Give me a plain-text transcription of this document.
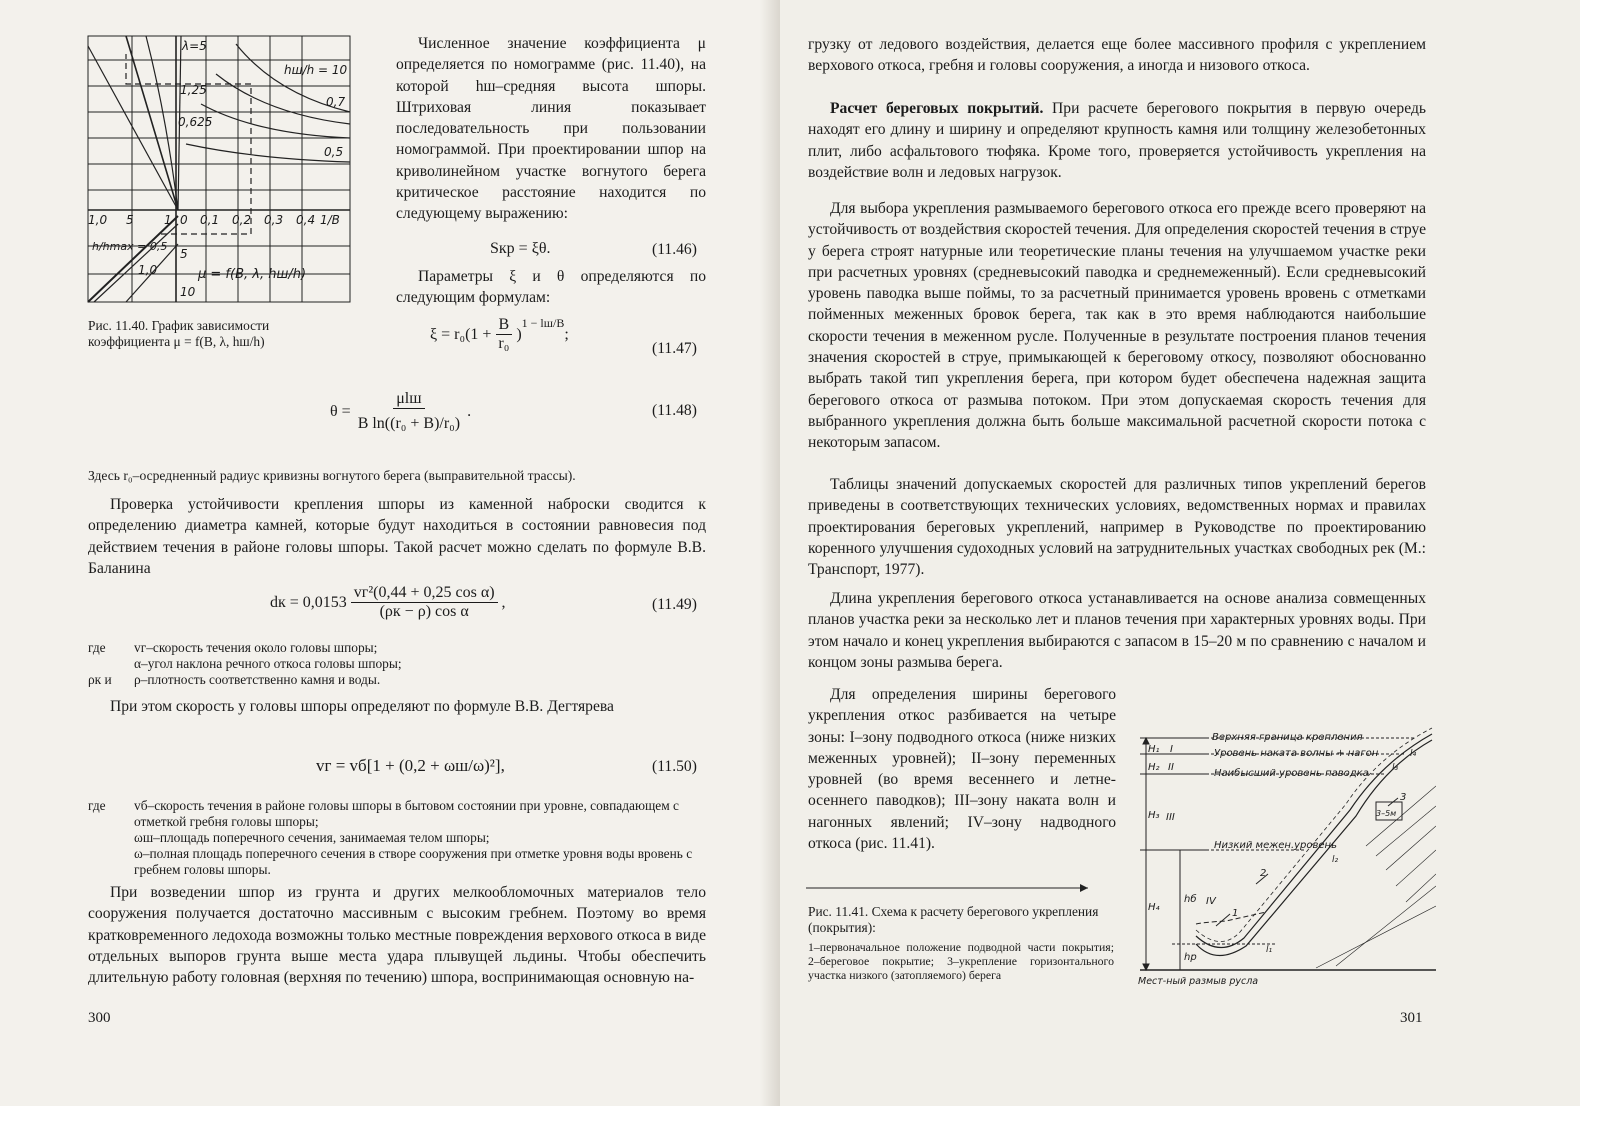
λ=5
1,25
0,625
hш/h = 10
0,7
0,5
1,0 5	1 0 0,1 0,2 0,3 0,4 1/B
h/hmax = 0,5
1,0
5
10
μ = f(B, λ, hш/h)

Численное значение коэффициента μ определяется по номограмме (рис. 11.40), на которой hш–средняя высота шпоры. Штриховая линия показывает последовательность при пользовании номограммой. При проектировании шпор на криволинейном участке вогнутого берега критическое расстояние находится по следующему выражению:

Sкр = ξθ.	(11.46)

Параметры ξ и θ определяются по следующим формулам:

$\xi = r_0(1 + \frac{B}{\text{r₀}}$ )
$^{1 - lш/B}$
;
(11.47)
$\theta = \frac{\text{μlш}}{\text{B ln((r₀ + B)/r₀)}}$ .	(11.48)
Рис. 11.40. График зависимости коэффициента μ = f(B, λ, hш/h)

Здесь r₀–осредненный радиус кривизны вогнутого берега (выправительной трассы).

Проверка устойчивости крепления шпоры из каменной наброски сводится к определению диаметра камней, которые будут находиться в состоянии равновесия под действием течения в районе головы шпоры. Такой расчет можно сделать по формуле В.В. Баланина

dк = $0,0153 \frac{\text{vг²(0,44 + 0,25 cos α)}}{\text{(ρк − ρ) cos α}}$ ,	(11.49)
где	vг–скорость течения около головы шпоры;
α–угол наклона речного откоса головы шпоры;
ρк и	ρ–плотность соответственно камня и воды.

При этом скорость у головы шпоры определяют по формуле В.В. Дегтярева

vг = vб[1 + (0,2 + ωш/ω)²],	(11.50)
где	vб–скорость течения в районе головы шпоры в бытовом состоянии при уровне, совпадающем с отметкой гребня головы шпоры;
ωш–площадь поперечного сечения, занимаемая телом шпоры;
ω–полная площадь поперечного сечения в створе сооружения при отметке уровня воды вровень с гребнем головы шпоры.

При возведении шпор из грунта и других мелкообломочных материалов тело сооружения получается достаточно массивным с высоким гребнем. Поэтому во время кратковременного ледохода возможны только местные повреждения верхового откоса в виде отдельных выпоров грунта выше места удара плывущей льдины. Чтобы обеспечить длительную работу головная (верхняя по течению) шпора, воспринимающая основную на-

300

грузку от ледового воздействия, делается еще более массивного профиля с укреплением верхового откоса, гребня и головы сооружения, а иногда и низового откоса.

Расчет береговых покрытий. При расчете берегового покрытия в первую очередь находят его длину и ширину и определяют крупность камня или толщину железобетонных плит, либо асфальтового тюфяка. Кроме того, проверяется устойчивость укрепления на воздействие волн и ледовых нагрузок.

Для выбора укрепления размываемого берегового откоса его прежде всего проверяют на устойчивость от воздействия скоростей течения. Для определения скоростей течения в струе у берега строят натурные или теоретические планы течения на улучшаемом участке реки при расчетных уровнях (средневысокий паводка и среднемеженный). Если средневысокий уровень паводка выше поймы, то за расчетный принимается уровень вровень с отметками пойменных меженных бровок берега, так как в это время наблюдаются наибольшие скорости течения в меженном русле. Полученные в результате построения планов течения значения скоростей в струе, примыкающей к береговому откосу, позволяют обоснованно выбрать такой тип укрепления берега, при котором будет обеспечена надежная защита берегового откоса от размыва потоком. При этом допускаемая скорость течения для выбранного укрепления должна быть больше максимальной расчетной скорости потока с некоторым запасом.

Таблицы значений допускаемых скоростей для различных типов укреплений берегов приведены в соответствующих технических условиях, ведомственных нормах и правилах проектирования береговых укреплений, например в Руководстве по проектированию коренного улучшения судоходных условий на затруднительных участках свободных рек (М.: Транспорт, 1977).

Длина укрепления берегового откоса устанавливается на основе анализа совмещенных планов участка реки за несколько лет и планов течения при характерных уровнях воды. При этом начало и конец укрепления выбираются с запасом в 15–20 м по сравнению с началом и концом зоны размыва берега.

Для определения ширины берегового укрепления откос разбивается на четыре зоны: I–зону подводного откоса (ниже низких меженных уровней); II–зону переменных уровней (во время весеннего и летне-осеннего паводков); III–зону наката волн и нагонных явлений; IV–зону надводного откоса (рис. 11.41).

Рис. 11.41. Схема к расчету берегового укрепления (покрытия):
1–первоначальное положение подводной части покрытия; 2–береговое покрытие; 3–укрепление горизонтального участка низкого (затопляемого) берега
Верхняя граница крепления
Уровень наката волны + нагон
Наибысший уровень паводка
Низкий межен.уровень
H₁
H₂
H₃
H₄
I
II
III
IV
hб
hр
1
2
3
3–5м
Мест-ный размыв русла
l₁
l₂
l₃
l₄
301
